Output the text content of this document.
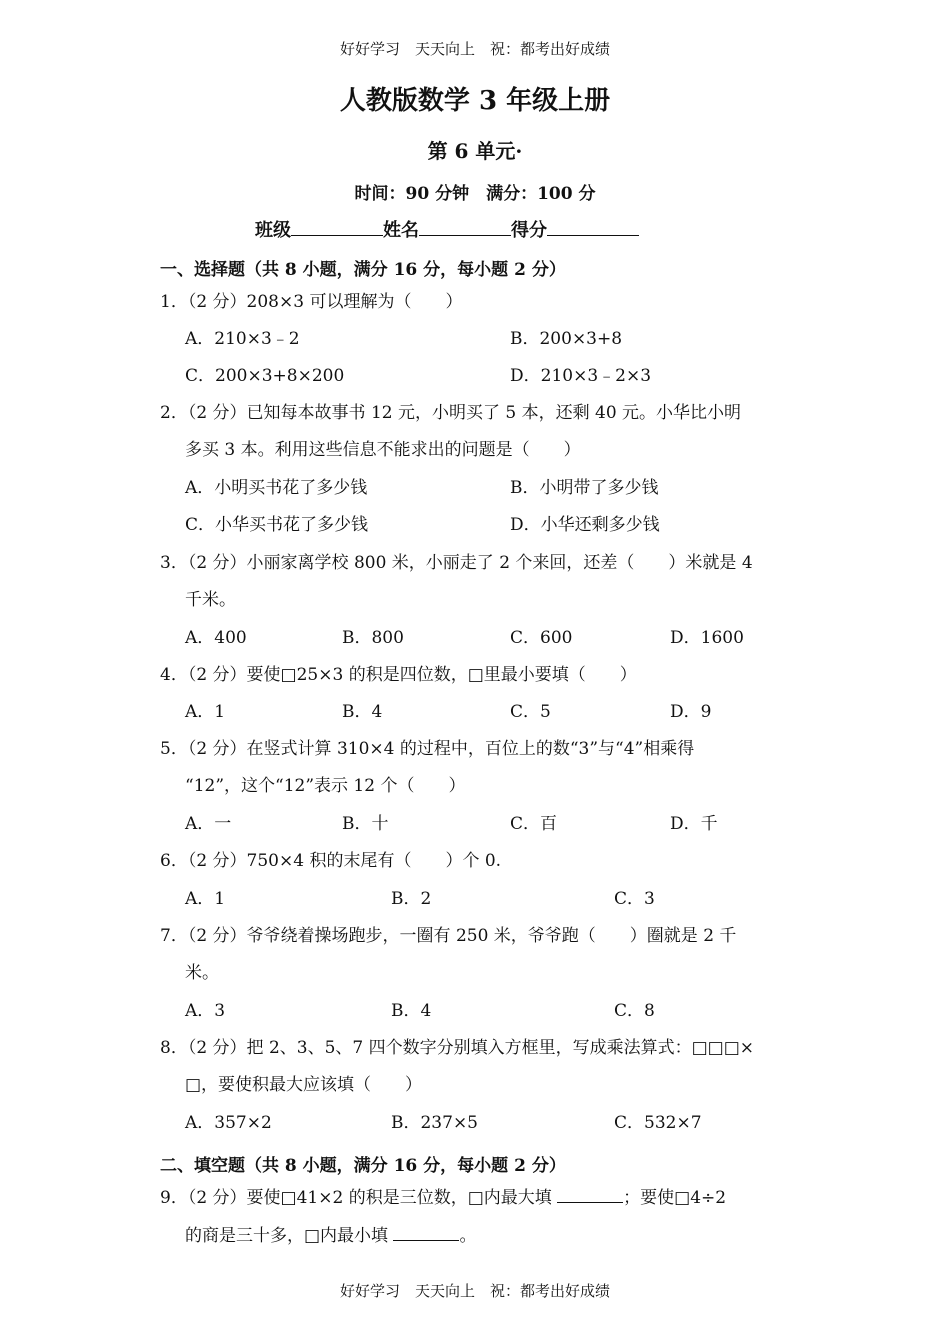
好好学习　天天向上　祝：都考出好成绩
人教版数学 3 年级上册
第 6 单元·
时间：90 分钟　满分：100 分
班级	姓名	得分
一、选择题（共 8 小题，满分 16 分，每小题 2 分）
1．（2 分）208×3 可以理解为（　　）
A．210×3﹣2	B．200×3+8
C．200×3+8×200	D．210×3﹣2×3
2．（2 分）已知每本故事书 12 元，小明买了 5 本，还剩 40 元。小华比小明
多买 3 本。利用这些信息不能求出的问题是（　　）
A．小明买书花了多少钱	B．小明带了多少钱
C．小华买书花了多少钱	D．小华还剩多少钱
3．（2 分）小丽家离学校 800 米，小丽走了 2 个来回，还差（　　）米就是 4
千米。
A．400	B．800	C．600	D．1600
4．（2 分）要使□25×3 的积是四位数，□里最小要填（　　）
A．1	B．4	C．5	D．9
5．（2 分）在竖式计算 310×4 的过程中，百位上的数“3”与“4”相乘得
“12”，这个“12”表示 12 个（　　）
A．一	B．十	C．百	D．千
6．（2 分）750×4 积的末尾有（　　）个 0.
A．1	B．2	C．3
7．（2 分）爷爷绕着操场跑步，一圈有 250 米，爷爷跑（　　）圈就是 2 千
米。
A．3	B．4	C．8
8．（2 分）把 2、3、5、7 四个数字分别填入方框里，写成乘法算式：□□□×
□，要使积最大应该填（　　）
A．357×2	B．237×5	C．532×7
二、填空题（共 8 小题，满分 16 分，每小题 2 分）
9．（2 分）要使□41×2 的积是三位数，□内最大填	；要使□4÷2
的商是三十多，□内最小填	。
好好学习　天天向上　祝：都考出好成绩
